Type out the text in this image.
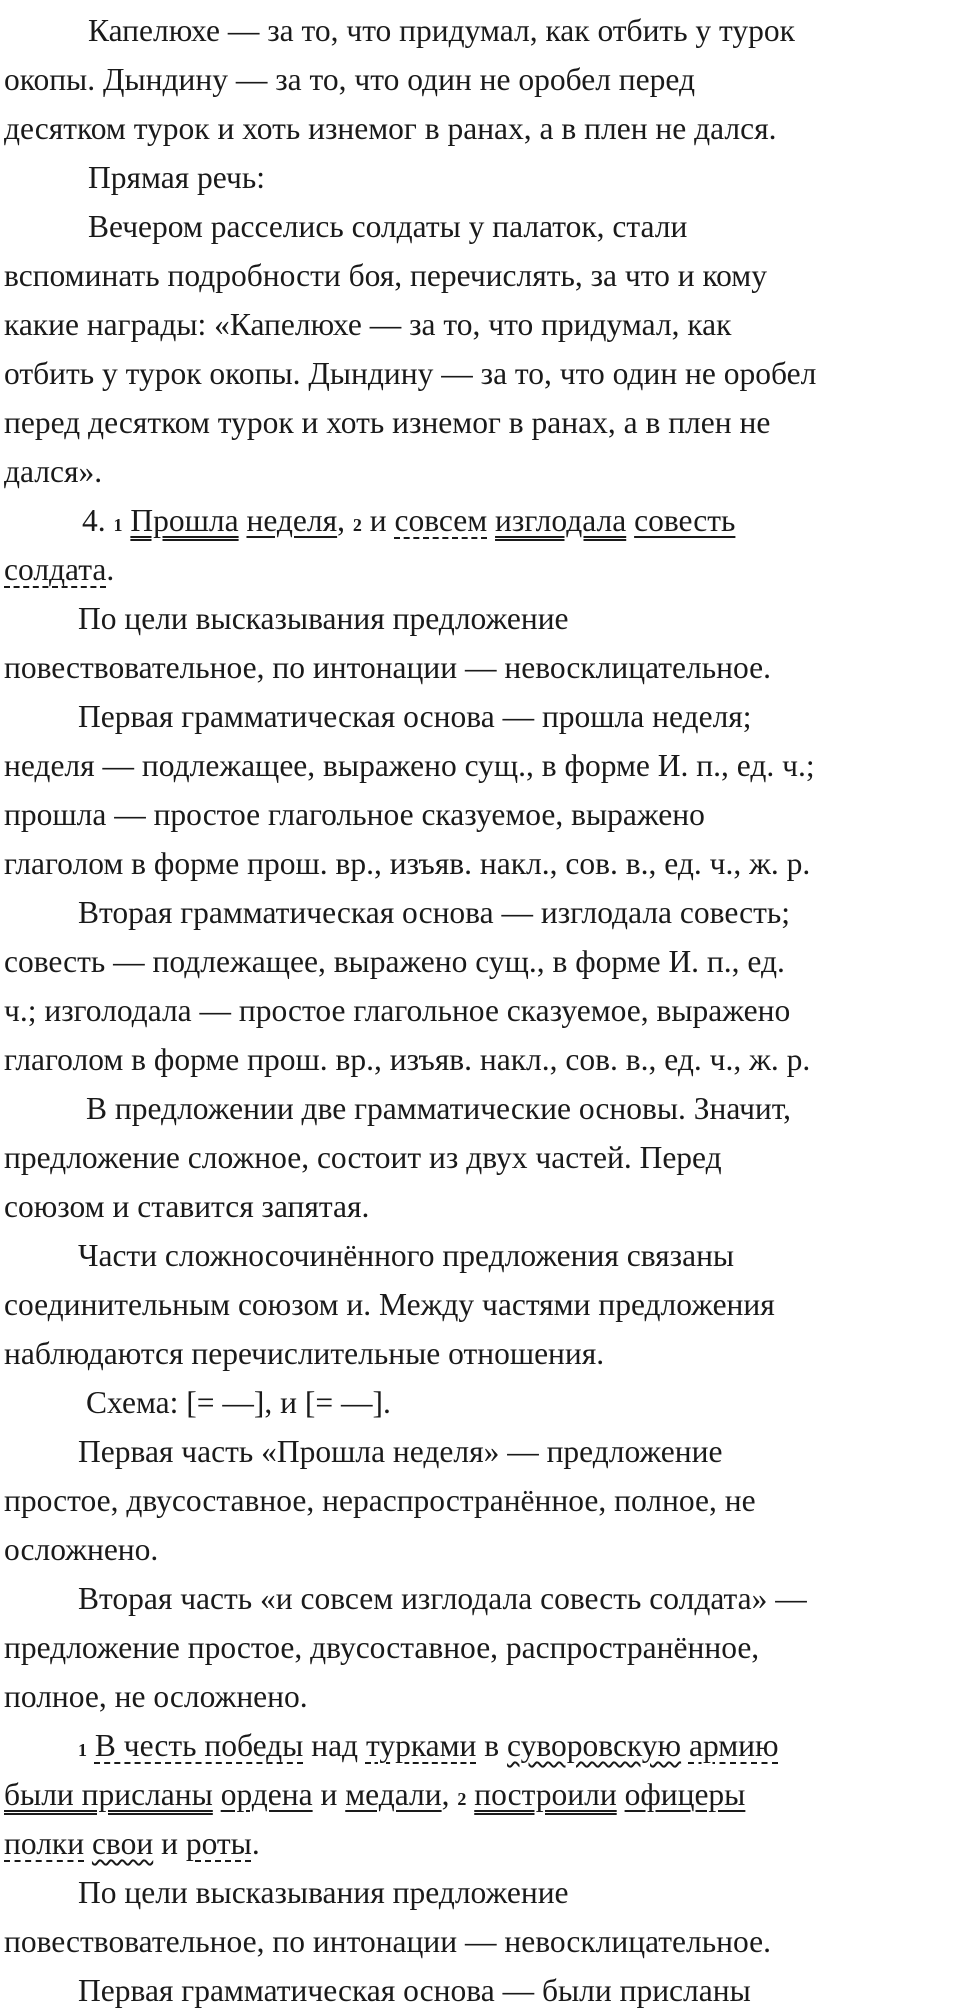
Капелюхе — за то, что придумал, как отбить у турок
окопы. Дындину — за то, что один не оробел перед
десятком турок и хоть изнемог в ранах, а в плен не дался.
Прямая речь:
Вечером расселись солдаты у палаток, стали
вспоминать подробности боя, перечислять, за что и кому
какие награды: «Капелюхе — за то, что придумал, как
отбить у турок окопы. Дындину — за то, что один не оробел
перед десятком турок и хоть изнемог в ранах, а в плен не
дался».
4. 1 Прошла неделя, 2 и совсем изглодала совесть
солдата.
По цели высказывания предложение
повествовательное, по интонации — невосклицательное.
Первая грамматическая основа — прошла неделя;
неделя — подлежащее, выражено сущ., в форме И. п., ед. ч.;
прошла — простое глагольное сказуемое, выражено
глаголом в форме прош. вр., изъяв. накл., сов. в., ед. ч., ж. р.
Вторая грамматическая основа — изглодала совесть;
совесть — подлежащее, выражено сущ., в форме И. п., ед.
ч.; изголодала — простое глагольное сказуемое, выражено
глаголом в форме прош. вр., изъяв. накл., сов. в., ед. ч., ж. р.
В предложении две грамматические основы. Значит,
предложение сложное, состоит из двух частей. Перед
союзом и ставится запятая.
Части сложносочинённого предложения связаны
соединительным союзом и. Между частями предложения
наблюдаются перечислительные отношения.
Схема: [= —], и [= —].
Первая часть «Прошла неделя» — предложение
простое, двусоставное, нераспространённое, полное, не
осложнено.
Вторая часть «и совсем изглодала совесть солдата» —
предложение простое, двусоставное, распространённое,
полное, не осложнено.
1 В честь победы над турками в суворовскую армию
были присланы ордена и медали, 2 построили офицеры
полки свои и роты.
По цели высказывания предложение
повествовательное, по интонации — невосклицательное.
Первая грамматическая основа — были присланы
